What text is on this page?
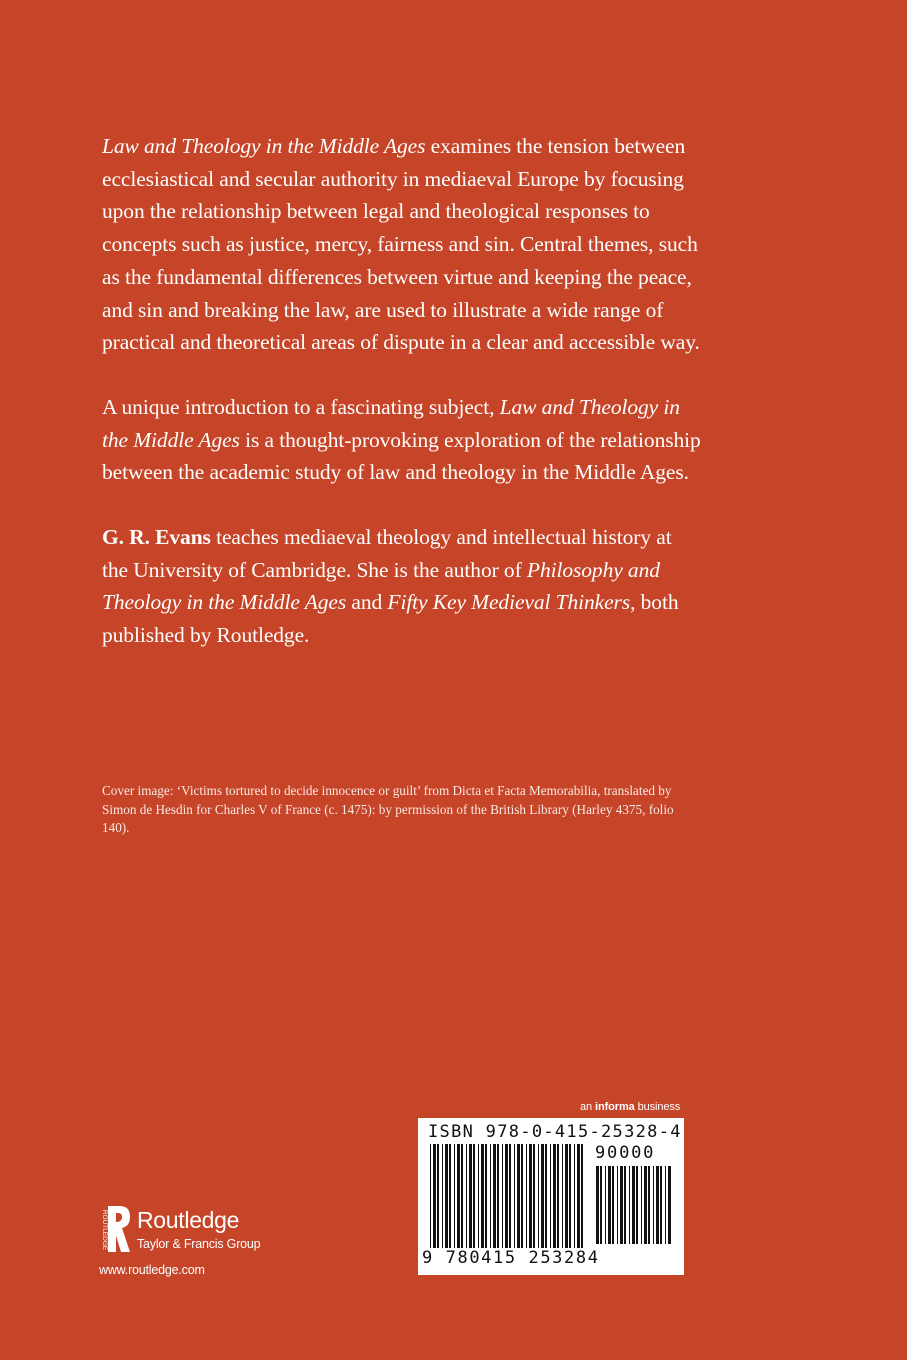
Law and Theology in the Middle Ages examines the tension between ecclesiastical and secular authority in mediaeval Europe by focusing upon the relationship between legal and theological responses to concepts such as justice, mercy, fairness and sin. Central themes, such as the fundamental differences between virtue and keeping the peace, and sin and breaking the law, are used to illustrate a wide range of practical and theoretical areas of dispute in a clear and accessible way.

A unique introduction to a fascinating subject, Law and Theology in the Middle Ages is a thought-provoking exploration of the relationship between the academic study of law and theology in the Middle Ages.

G. R. Evans teaches mediaeval theology and intellectual history at the University of Cambridge. She is the author of Philosophy and Theology in the Middle Ages and Fifty Key Medieval Thinkers, both published by Routledge.

Cover image: ‘Victims tortured to decide innocence or guilt’ from Dicta et Facta Memorabilia, translated by Simon de Hesdin for Charles V of France (c. 1475): by permission of the British Library (Harley 4375, folio 140).
an informa business
ISBN 978-0-415-25328-4
90000
9 780415 253284
ROUTLEDGE Routledge
Taylor & Francis Group
www.routledge.com
